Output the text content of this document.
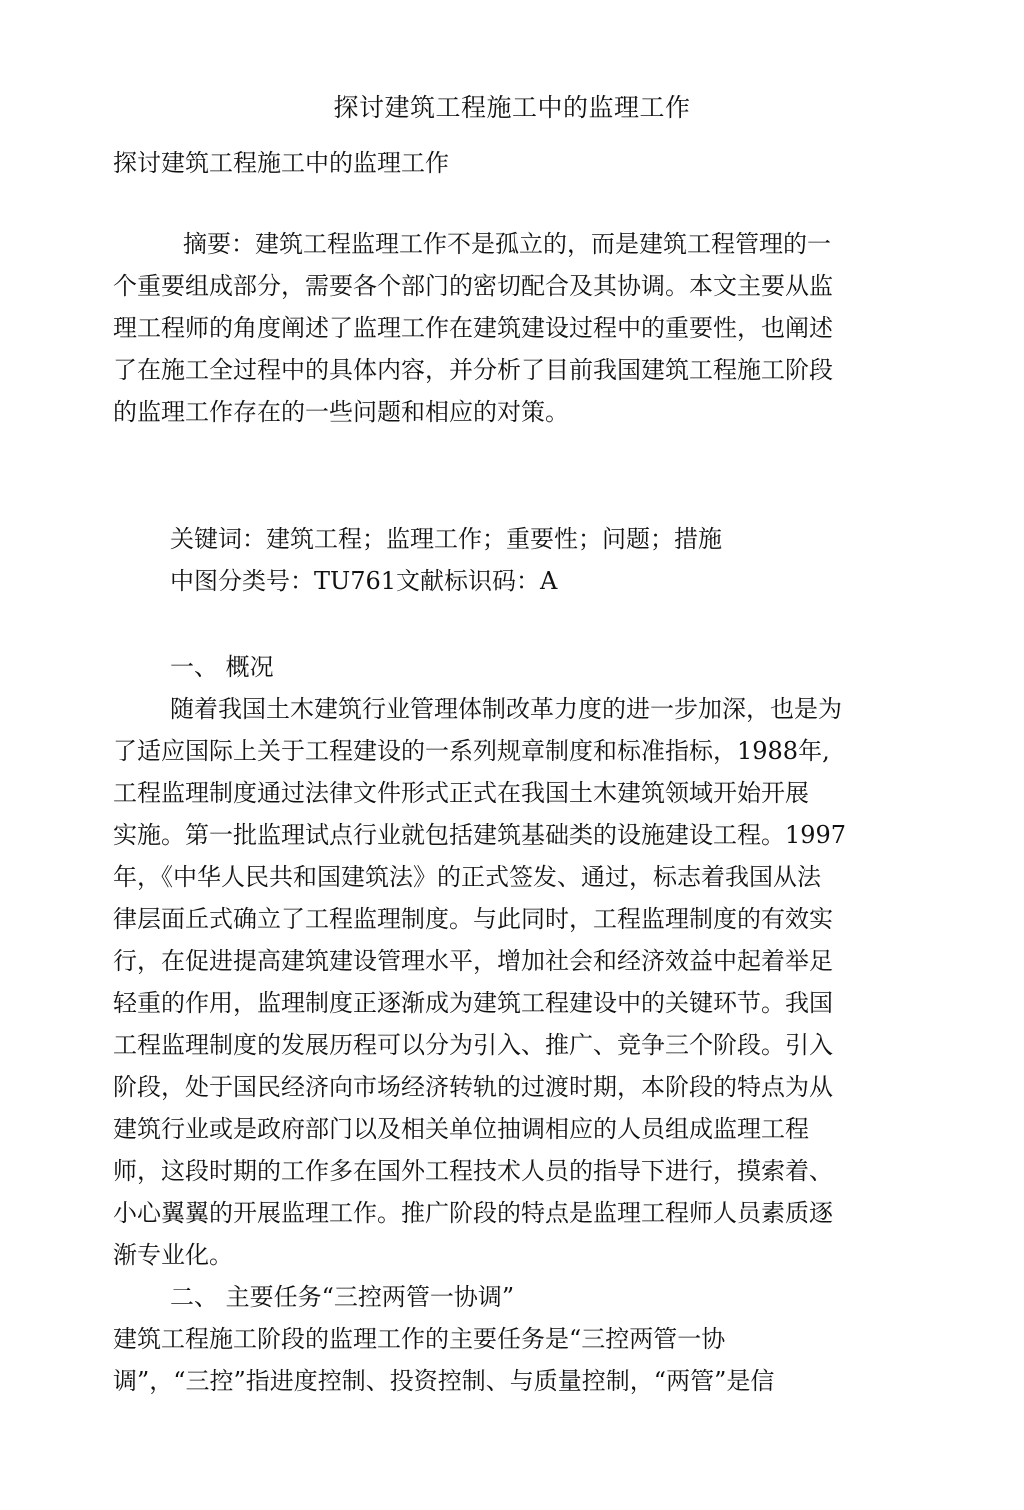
探讨建筑工程施工中的监理工作
探讨建筑工程施工中的监理工作
摘要：建筑工程监理工作不是孤立的，而是建筑工程管理的一
个重要组成部分，需要各个部门的密切配合及其协调。本文主要从监
理工程师的角度阐述了监理工作在建筑建设过程中的重要性，也阐述
了在施工全过程中的具体内容，并分析了目前我国建筑工程施工阶段
的监理工作存在的一些问题和相应的对策。
关键词：建筑工程；监理工作；重要性；问题；措施
中图分类号：TU761文献标识码：A
一、 概况
随着我国土木建筑行业管理体制改革力度的进一步加深，也是为
了适应国际上关于工程建设的一系列规章制度和标准指标，1988年,
工程监理制度通过法律文件形式正式在我国土木建筑领域开始开展
实施。第一批监理试点行业就包括建筑基础类的设施建设工程。1997
年，《中华人民共和国建筑法》的正式签发、通过，标志着我国从法
律层面丘式确立了工程监理制度。与此同时，工程监理制度的有效实
行，在促进提高建筑建设管理水平，增加社会和经济效益中起着举足
轻重的作用，监理制度正逐渐成为建筑工程建设中的关键环节。我国
工程监理制度的发展历程可以分为引入、推广、竞争三个阶段。引入
阶段，处于国民经济向市场经济转轨的过渡时期，本阶段的特点为从
建筑行业或是政府部门以及相关单位抽调相应的人员组成监理工程
师，这段时期的工作多在国外工程技术人员的指导下进行，摸索着、
小心翼翼的开展监理工作。推广阶段的特点是监理工程师人员素质逐
渐专业化。
二、 主要任务“三控两管一协调”
建筑工程施工阶段的监理工作的主要任务是“三控两管一协
调”，“三控”指进度控制、投资控制、与质量控制，“两管”是信
